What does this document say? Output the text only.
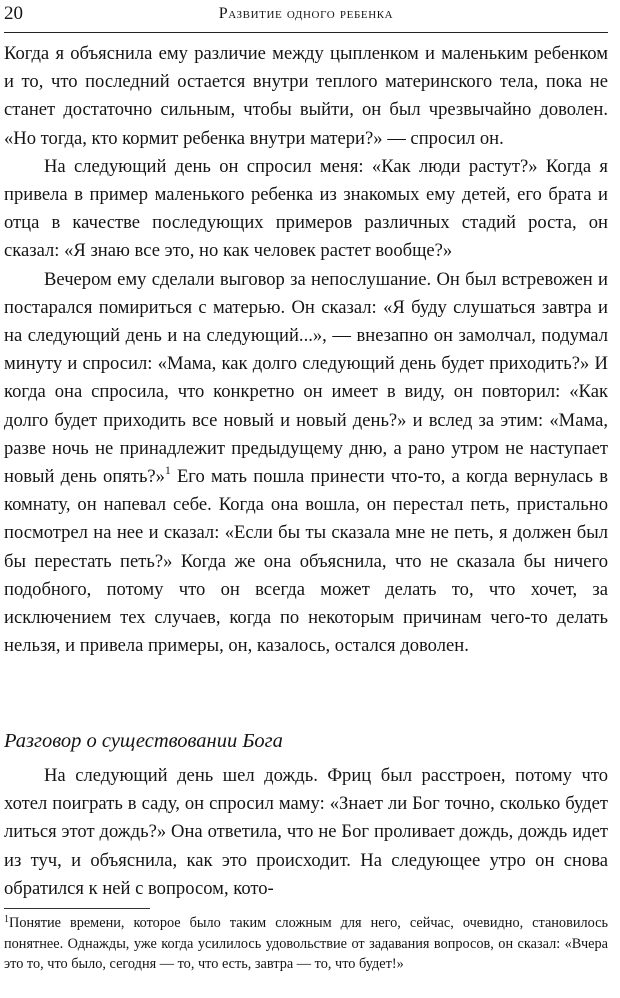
20	Развитие одного ребенка

Когда я объяснила ему различие между цыпленком и маленьким ребенком и то, что последний остается внутри теплого материнского тела, пока не станет достаточно сильным, чтобы выйти, он был чрезвычайно доволен. «Но тогда, кто кормит ребенка внутри матери?» — спросил он.

На следующий день он спросил меня: «Как люди растут?» Когда я привела в пример маленького ребенка из знакомых ему детей, его брата и отца в качестве последующих примеров различных стадий роста, он сказал: «Я знаю все это, но как человек растет вообще?»

Вечером ему сделали выговор за непослушание. Он был встревожен и постарался помириться с матерью. Он сказал: «Я буду слушаться завтра и на следующий день и на следующий...», — внезапно он замолчал, подумал минуту и спросил: «Мама, как долго следующий день будет приходить?» И когда она спросила, что конкретно он имеет в виду, он повторил: «Как долго будет приходить все новый и новый день?» и вслед за этим: «Мама, разве ночь не принадлежит предыдущему дню, а рано утром не наступает новый день опять?»$^1$ Его мать пошла принести что-то, а когда вернулась в комнату, он напевал себе. Когда она вошла, он перестал петь, пристально посмотрел на нее и сказал: «Если бы ты сказала мне не петь, я должен был бы перестать петь?» Когда же она объяснила, что не сказала бы ничего подобного, потому что он всегда может делать то, что хочет, за исключением тех случаев, когда по некоторым причинам чего-то делать нельзя, и привела примеры, он, казалось, остался доволен.

Разговор о существовании Бога

На следующий день шел дождь. Фриц был расстроен, потому что хотел поиграть в саду, он спросил маму: «Знает ли Бог точно, сколько будет литься этот дождь?» Она ответила, что не Бог проливает дождь, дождь идет из туч, и объяснила, как это происходит. На следующее утро он снова обратился к ней с вопросом, кото-

$^1$Понятие времени, которое было таким сложным для него, сейчас, очевидно, становилось понятнее. Однажды, уже когда усилилось удовольствие от задавания вопросов, он сказал: «Вчера это то, что было, сегодня — то, что есть, завтра — то, что будет!»
